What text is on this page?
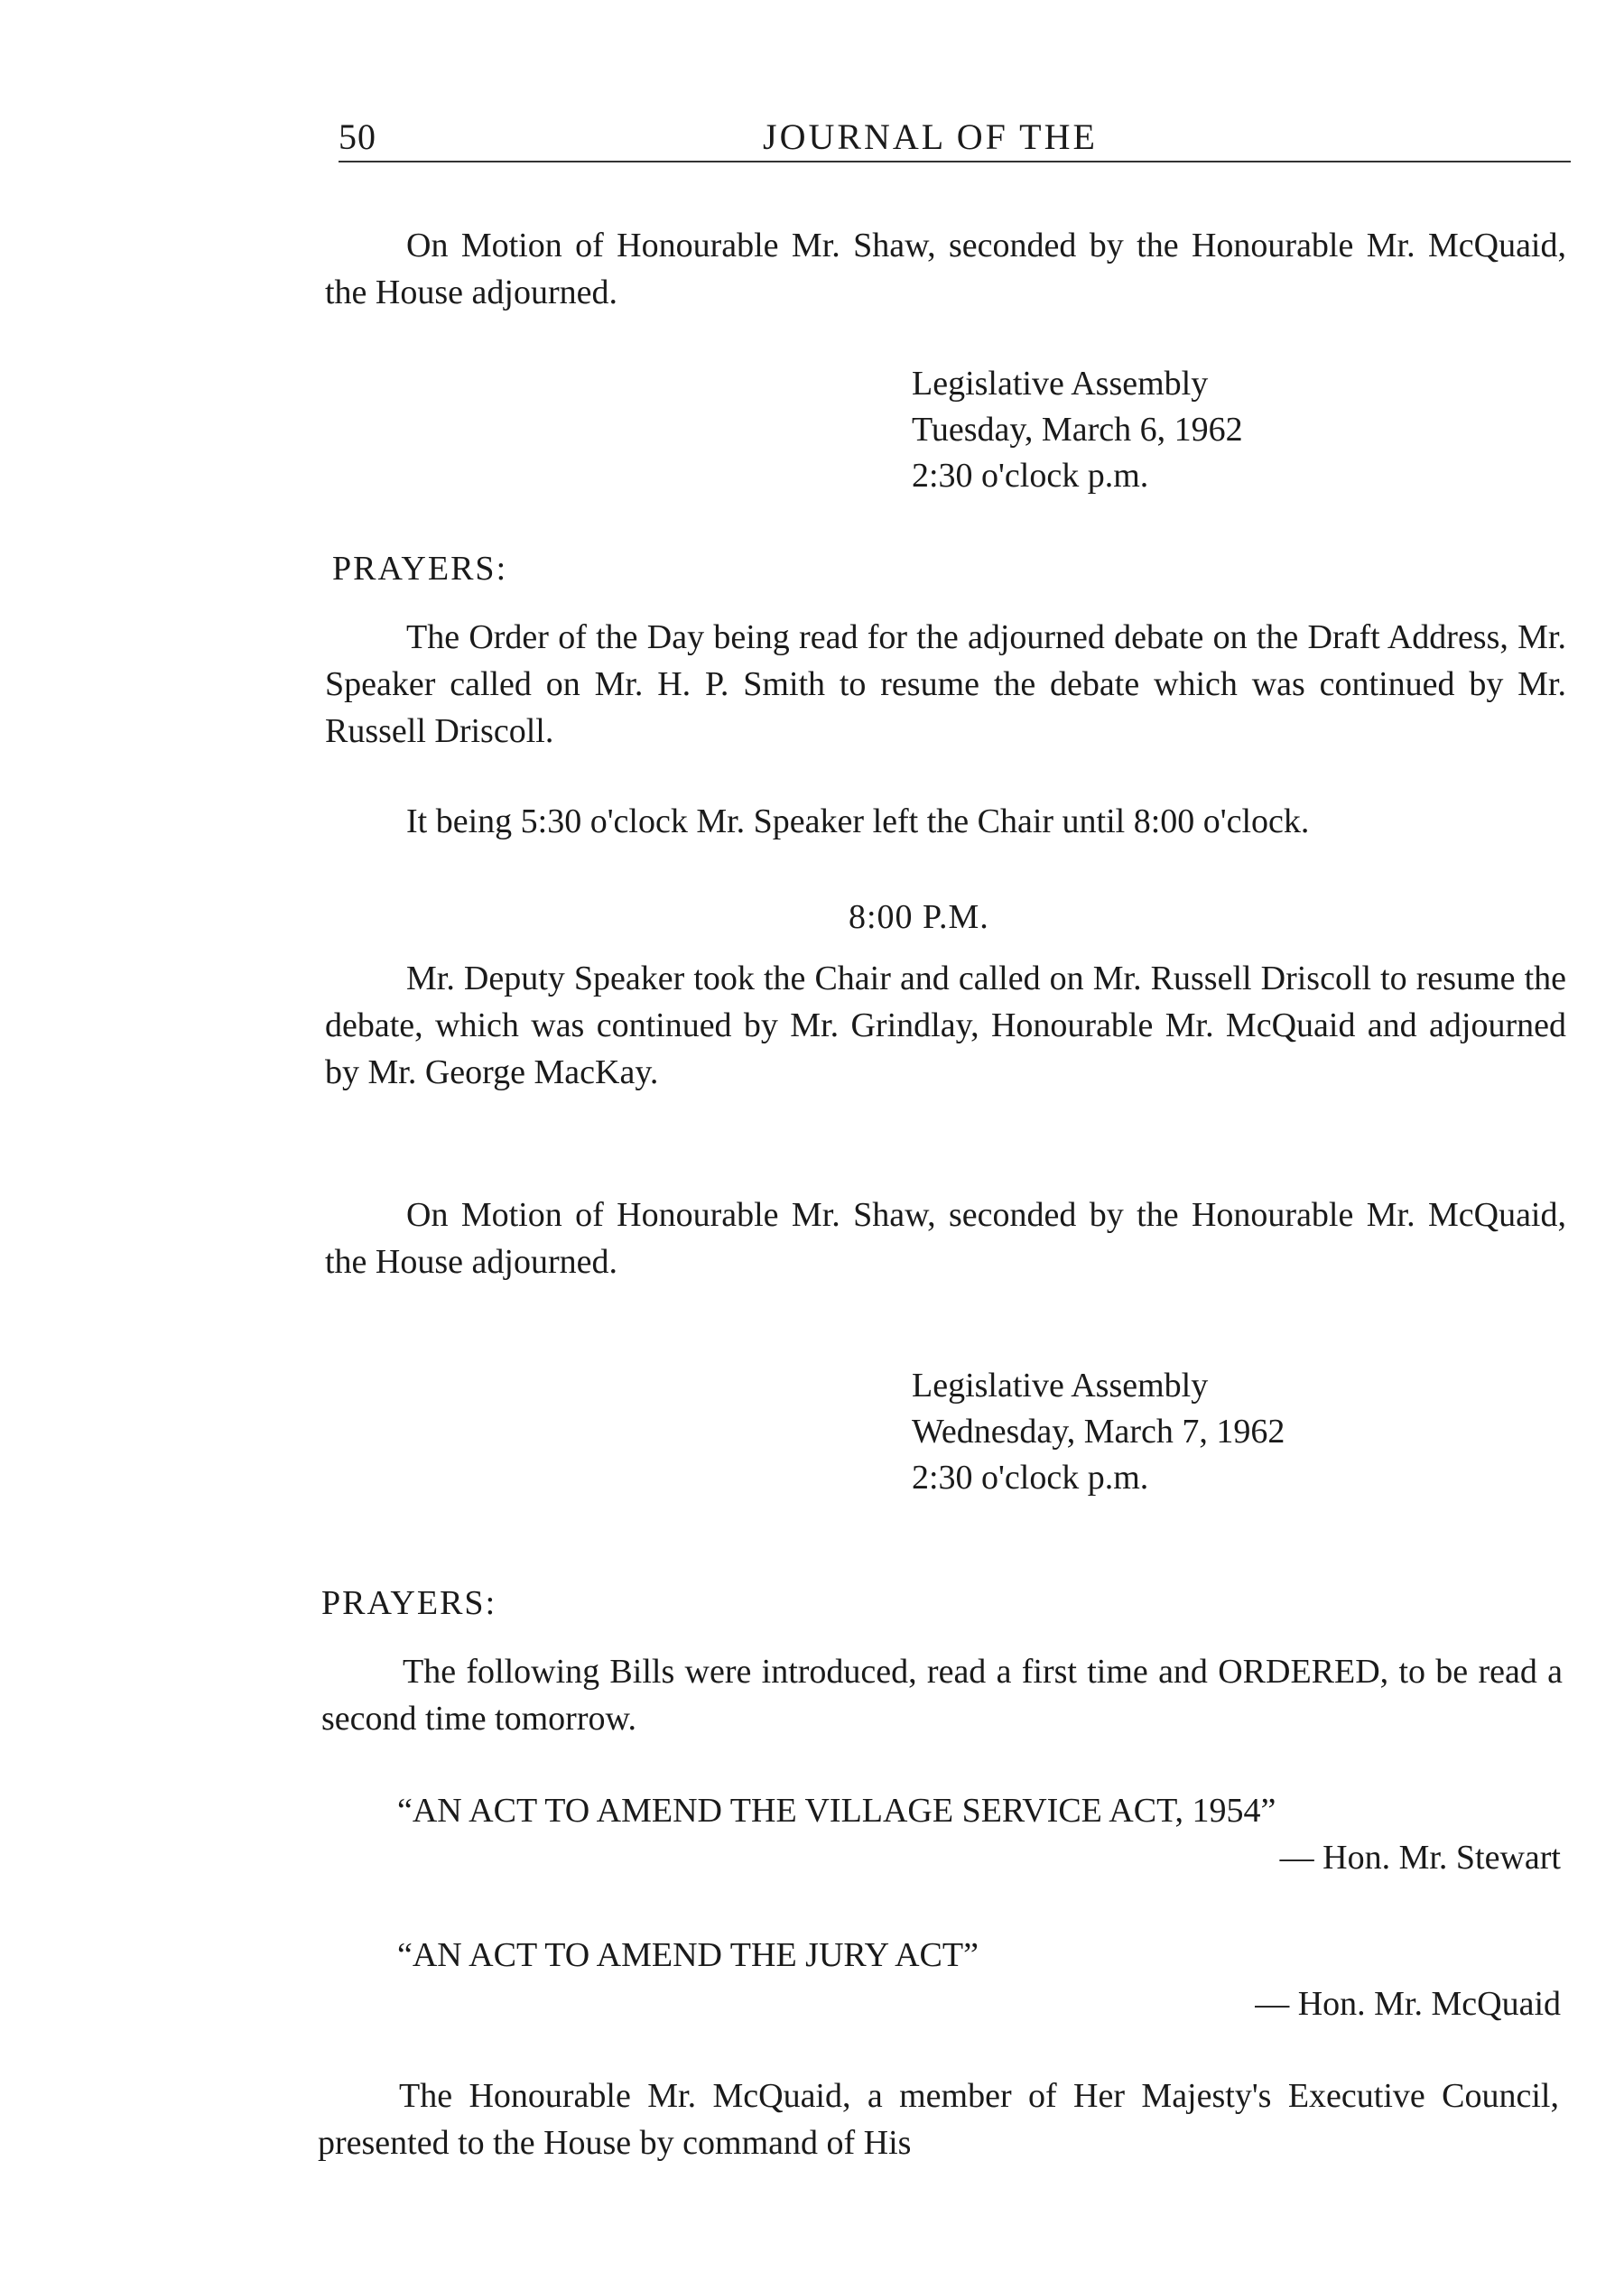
50	JOURNAL OF THE

On Motion of Honourable Mr. Shaw, seconded by the Honourable Mr. McQuaid, the House adjourned.

Legislative Assembly
Tuesday, March 6, 1962
2:30 o'clock p.m.
PRAYERS:

The Order of the Day being read for the adjourned debate on the Draft Address, Mr. Speaker called on Mr. H. P. Smith to resume the debate which was continued by Mr. Russell Driscoll.

It being 5:30 o'clock Mr. Speaker left the Chair until 8:00 o'clock.

8:00 P.M.

Mr. Deputy Speaker took the Chair and called on Mr. Russell Driscoll to resume the debate, which was continued by Mr. Grindlay, Honourable Mr. McQuaid and adjourned by Mr. George MacKay.

On Motion of Honourable Mr. Shaw, seconded by the Honourable Mr. McQuaid, the House adjourned.

Legislative Assembly
Wednesday, March 7, 1962
2:30 o'clock p.m.
PRAYERS:

The following Bills were introduced, read a first time and ORDERED, to be read a second time tomorrow.

“AN ACT TO AMEND THE VILLAGE SERVICE ACT, 1954”
— Hon. Mr. Stewart
“AN ACT TO AMEND THE JURY ACT”
— Hon. Mr. McQuaid

The Honourable Mr. McQuaid, a member of Her Majesty's Executive Council, presented to the House by command of His
